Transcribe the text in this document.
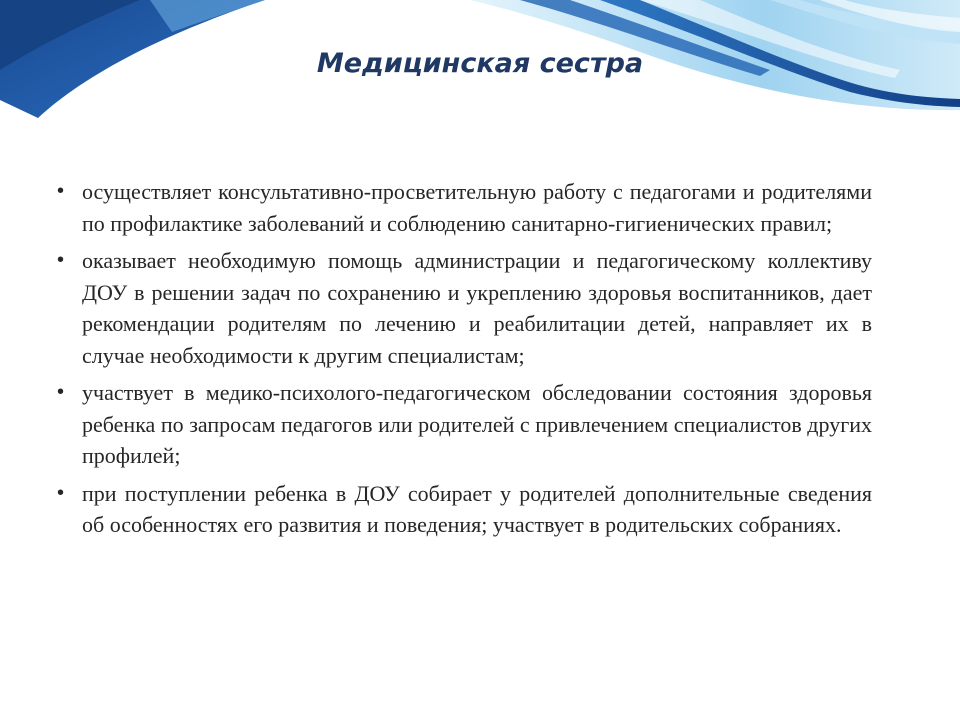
Медицинская сестра
• осуществляет консультативно-просветительную работу с педагогами и родителями по профилактике заболеваний и соблюдению санитарно-гигиенических правил;
• оказывает необходимую помощь администрации и педагогическому коллективу ДОУ в решении задач по сохранению и укреплению здоровья воспитанников, дает рекомендации родителям по лечению и реабилитации детей, направляет их в случае необходимости к другим специалистам;
• участвует в медико-психолого-педагогическом обследовании состояния здоровья ребенка по запросам педагогов или родителей с привлечением специалистов других профилей;
• при поступлении ребенка в ДОУ собирает у родителей дополнительные сведения об особенностях его развития и поведения; участвует в родительских собраниях.
